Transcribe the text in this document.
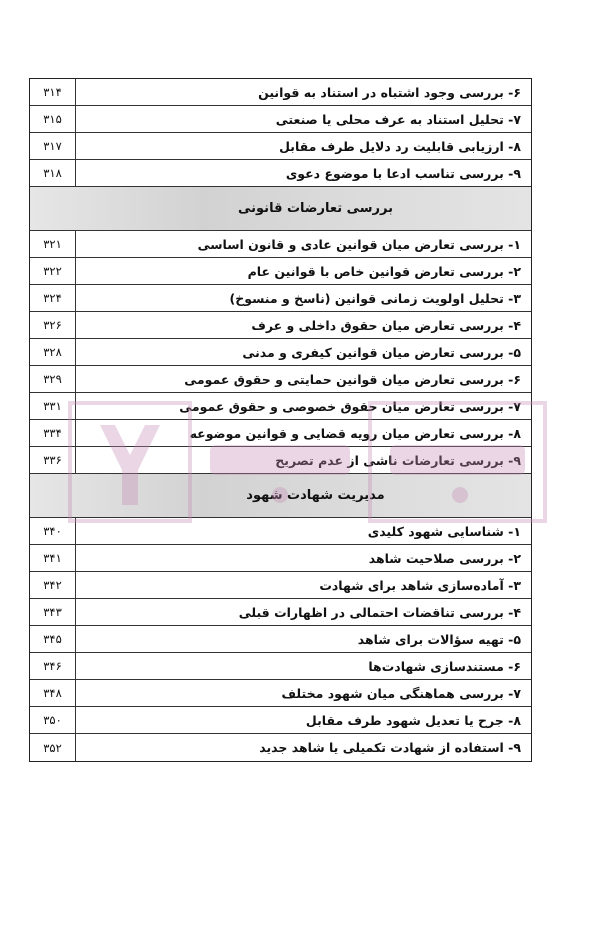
۳۱۴	۶- بررسی وجود اشتباه در استناد به قوانین
۳۱۵	۷- تحلیل استناد به عرف محلی یا صنعتی
۳۱۷	۸- ارزیابی قابلیت رد دلایل طرف مقابل
۳۱۸	۹- بررسی تناسب ادعا با موضوع دعوی
بررسی تعارضات قانونی
۳۲۱	۱- بررسی تعارض میان قوانین عادی و قانون اساسی
۳۲۲	۲- بررسی تعارض قوانین خاص با قوانین عام
۳۲۴	۳- تحلیل اولویت زمانی قوانین (ناسخ و منسوخ)
۳۲۶	۴- بررسی تعارض میان حقوق داخلی و عرف
۳۲۸	۵- بررسی تعارض میان قوانین کیفری و مدنی
۳۲۹	۶- بررسی تعارض میان قوانین حمایتی و حقوق عمومی
۳۳۱	۷- بررسی تعارض میان حقوق خصوصی و حقوق عمومی
۳۳۴	۸- بررسی تعارض میان رویه قضایی و قوانین موضوعه
۳۳۶	۹- بررسی تعارضات ناشی از عدم تصریح
مدیریت شهادت شهود
۳۴۰	۱- شناسایی شهود کلیدی
۳۴۱	۲- بررسی صلاحیت شاهد
۳۴۲	۳- آماده‌سازی شاهد برای شهادت
۳۴۳	۴- بررسی تناقضات احتمالی در اظهارات قبلی
۳۴۵	۵- تهیه سؤالات برای شاهد
۳۴۶	۶- مستندسازی شهادت‌ها
۳۴۸	۷- بررسی هماهنگی میان شهود مختلف
۳۵۰	۸- جرح یا تعدیل شهود طرف مقابل
۳۵۲	۹- استفاده از شهادت تکمیلی یا شاهد جدید
